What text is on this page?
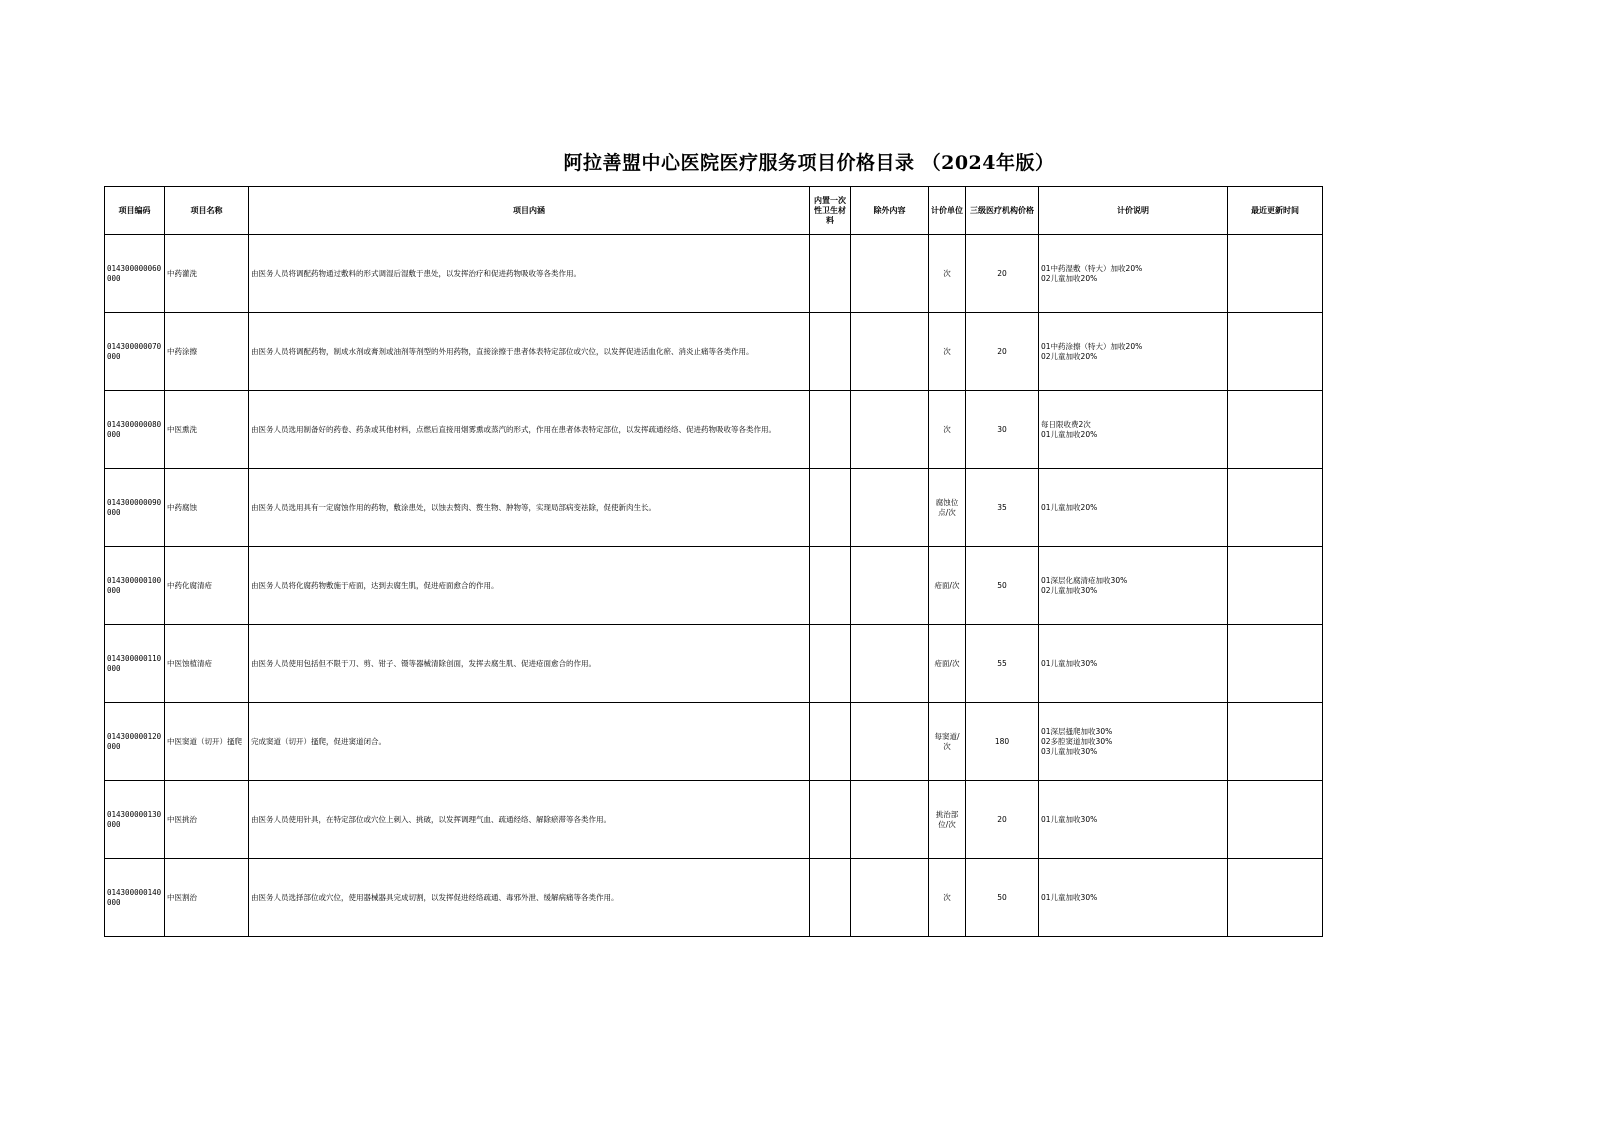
阿拉善盟中心医院医疗服务项目价格目录 （2024年版）
项目编码	项目名称	项目内涵	内置一次性卫生材料	除外内容	计价单位	三级医疗机构价格	计价说明	最近更新时间
014300000060000	中药灌洗	由医务人员将调配药物通过敷料的形式调湿后湿敷于患处，以发挥治疗和促进药物吸收等各类作用。			次	20	01中药湿敷（特大）加收20%
02儿童加收20%	

014300000070000	中药涂擦	由医务人员将调配药物，制成水剂或膏剂或油剂等剂型的外用药物，直接涂擦于患者体表特定部位或穴位，以发挥促进活血化瘀、消炎止痛等各类作用。			次	20	01中药涂擦（特大）加收20%
02儿童加收20%	

014300000080000	中医熏洗	由医务人员选用制备好的药卷、药条或其他材料，点燃后直接用烟雾熏或蒸汽的形式，作用在患者体表特定部位，以发挥疏通经络、促进药物吸收等各类作用。			次	30	每日限收费2次
01儿童加收20%	

014300000090000	中药腐蚀	由医务人员选用具有一定腐蚀作用的药物，敷涂患处，以蚀去赘肉、赘生物、肿物等，实现局部病变祛除，促使新肉生长。			腐蚀位点/次	35	01儿童加收20%	

014300000100000	中药化腐清疮	由医务人员将化腐药物敷施于疮面，达到去腐生肌，促进疮面愈合的作用。			疮面/次	50	01深层化腐清疮加收30%
02儿童加收30%	

014300000110000	中医蚀植清疮	由医务人员使用包括但不限于刀、剪、钳子、镊等器械清除创面，发挥去腐生肌、促进疮面愈合的作用。			疮面/次	55	01儿童加收30%	

014300000120000	中医窦道（切开）搔爬	完成窦道（切开）搔爬，促进窦道闭合。			每窦道/次	180	01深层搔爬加收30%
02多腔窦道加收30%
03儿童加收30%	

014300000130000	中医挑治	由医务人员使用针具，在特定部位或穴位上刺入、挑破，以发挥调理气血、疏通经络、解除瘀滞等各类作用。			挑治部位/次	20	01儿童加收30%	

014300000140000	中医割治	由医务人员选择部位或穴位，使用器械器具完成切割，以发挥促进经络疏通、毒邪外泄、缓解病痛等各类作用。			次	50	01儿童加收30%	
